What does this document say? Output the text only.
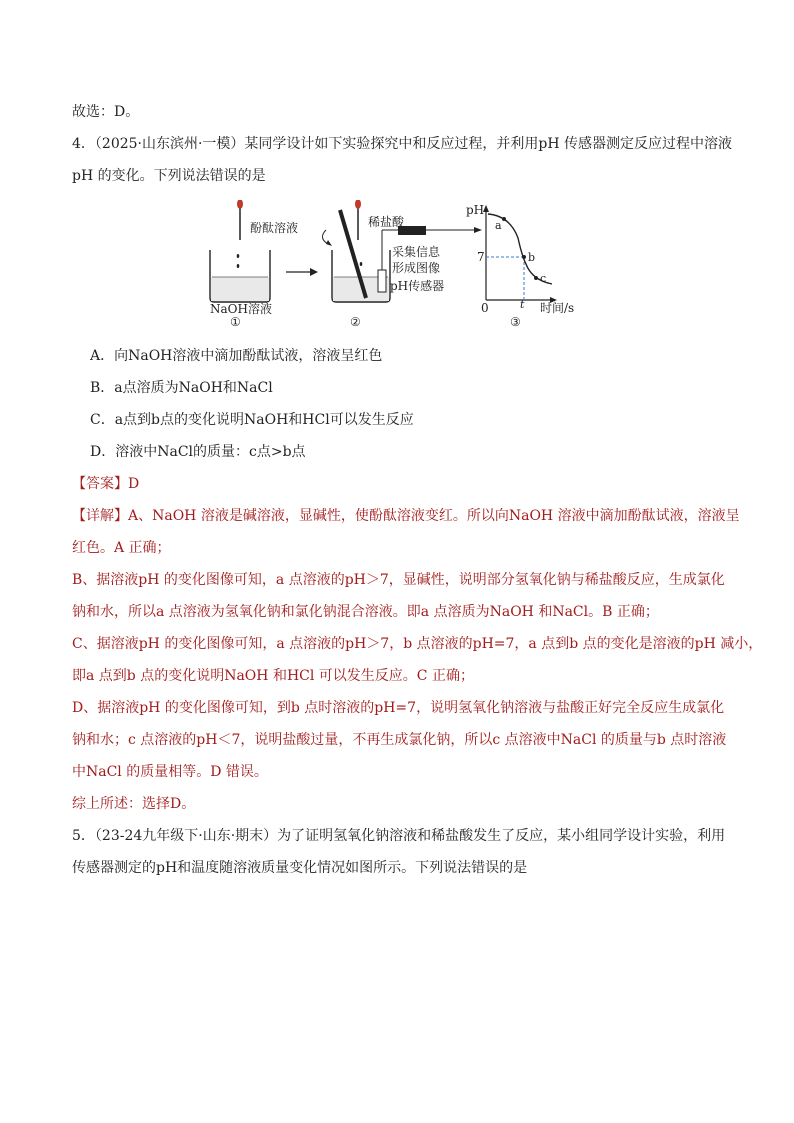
故选：D。
4．（2025·山东滨州·一模）某同学设计如下实验探究中和反应过程，并利用pH 传感器测定反应过程中溶液
pH 的变化。下列说法错误的是
酚酞溶液
NaOH溶液
①
稀盐酸
采集信息
形成图像
pH传感器
②
pH
7
0	t 时间/s
a
b
c
③
A．向NaOH溶液中滴加酚酞试液，溶液呈红色
B．a点溶质为NaOH和NaCl
C．a点到b点的变化说明NaOH和HCl可以发生反应
D．溶液中NaCl的质量：c点>b点
【答案】D
【详解】A、NaOH 溶液是碱溶液，显碱性，使酚酞溶液变红。所以向NaOH 溶液中滴加酚酞试液，溶液呈
红色。A 正确；
B、据溶液pH 的变化图像可知，a 点溶液的pH＞7，显碱性，说明部分氢氧化钠与稀盐酸反应，生成氯化
钠和水，所以a 点溶液为氢氧化钠和氯化钠混合溶液。即a 点溶质为NaOH 和NaCl。B 正确；
C、据溶液pH 的变化图像可知，a 点溶液的pH＞7，b 点溶液的pH=7，a 点到b 点的变化是溶液的pH 减小，
即a 点到b 点的变化说明NaOH 和HCl 可以发生反应。C 正确；
D、据溶液pH 的变化图像可知，到b 点时溶液的pH=7，说明氢氧化钠溶液与盐酸正好完全反应生成氯化
钠和水；c 点溶液的pH＜7，说明盐酸过量，不再生成氯化钠，所以c 点溶液中NaCl 的质量与b 点时溶液
中NaCl 的质量相等。D 错误。
综上所述：选择D。
5．（23-24九年级下·山东·期末）为了证明氢氧化钠溶液和稀盐酸发生了反应，某小组同学设计实验，利用
传感器测定的pH和温度随溶液质量变化情况如图所示。下列说法错误的是
